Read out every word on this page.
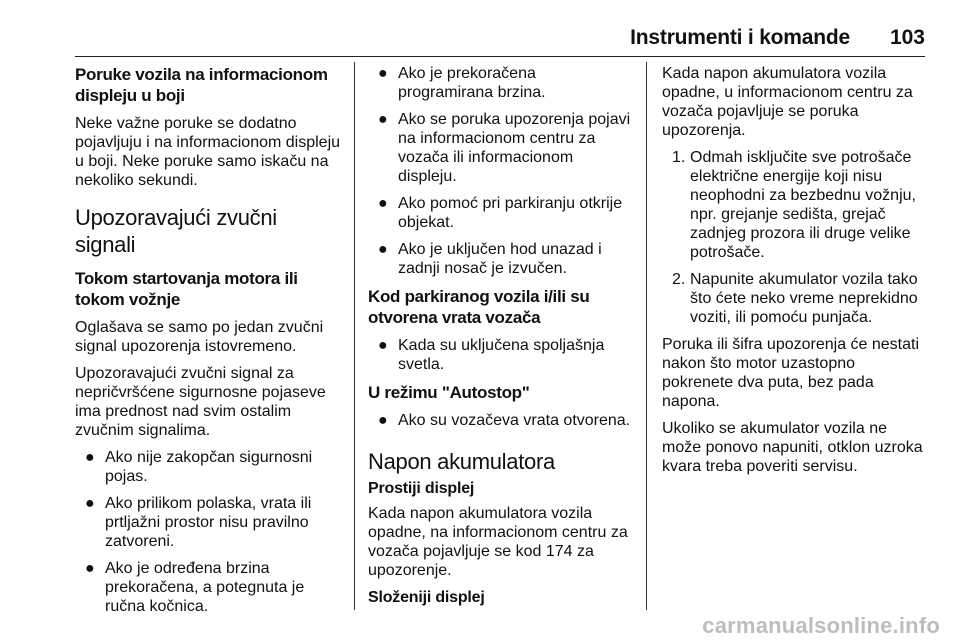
Instrumenti i komande 103
Poruke vozila na informacionom displeju u boji

Neke važne poruke se dodatno pojavljuju i na informacionom displeju u boji. Neke poruke samo iskaču na nekoliko sekundi.

Upozoravajući zvučni signali
Tokom startovanja motora ili tokom vožnje

Oglašava se samo po jedan zvučni signal upozorenja istovremeno.

Upozoravajući zvučni signal za nepričvršćene sigurnosne pojaseve ima prednost nad svim ostalim zvučnim signalima.

● Ako nije zakopčan sigurnosni pojas.
● Ako prilikom polaska, vrata ili prtljažni prostor nisu pravilno zatvoreni.
● Ako je određena brzina prekoračena, a potegnuta je ručna kočnica.
● Ako je prekoračena programirana brzina.
● Ako se poruka upozorenja pojavi na informacionom centru za vozača ili informacionom displeju.
● Ako pomoć pri parkiranju otkrije objekat.
● Ako je uključen hod unazad i zadnji nosač je izvučen.
Kod parkiranog vozila i/ili su otvorena vrata vozača
● Kada su uključena spoljašnja svetla.
U režimu "Autostop"
● Ako su vozačeva vrata otvorena.
Napon akumulatora
Prostiji displej

Kada napon akumulatora vozila opadne, na informacionom centru za vozača pojavljuje se kod 174 za upozorenje.

Složeniji displej

Kada napon akumulatora vozila opadne, u informacionom centru za vozača pojavljuje se poruka upozorenja.

1. Odmah isključite sve potrošače električne energije koji nisu neophodni za bezbednu vožnju, npr. grejanje sedišta, grejač zadnjeg prozora ili druge velike potrošače.
2. Napunite akumulator vozila tako što ćete neko vreme neprekidno voziti, ili pomoću punjača.

Poruka ili šifra upozorenja će nestati nakon što motor uzastopno pokrenete dva puta, bez pada napona.

Ukoliko se akumulator vozila ne može ponovo napuniti, otklon uzroka kvara treba poveriti servisu.

carmanualsonline.info
